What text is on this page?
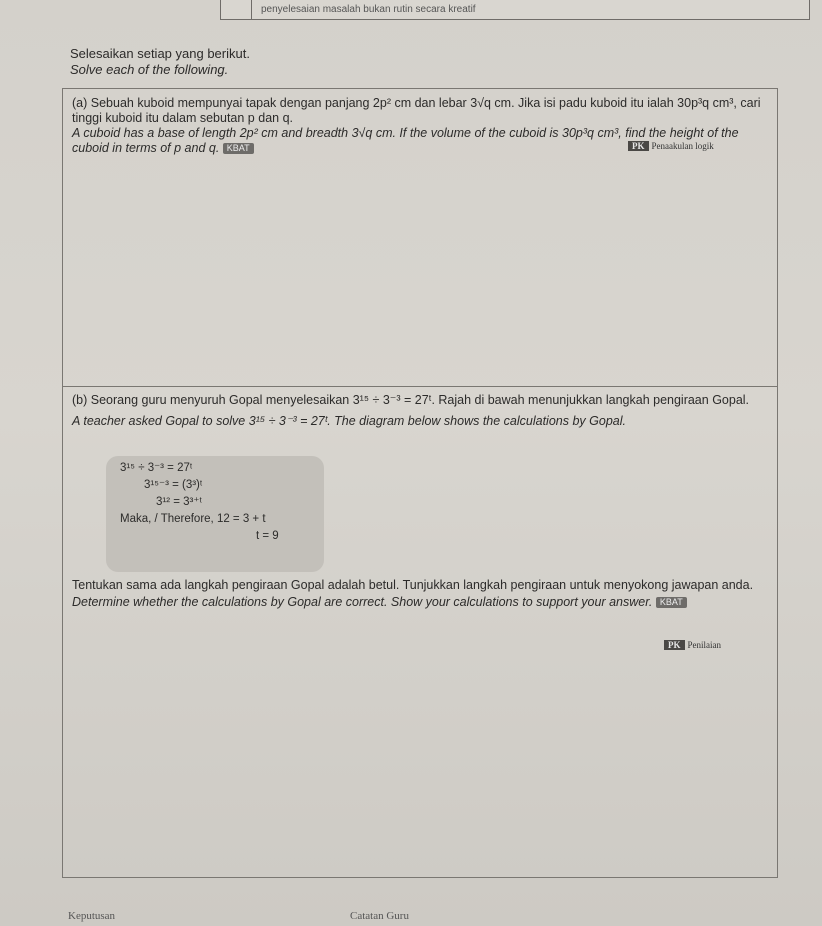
penyelesaian masalah bukan rutin secara kreatif
Selesaikan setiap yang berikut.
Solve each of the following.
(a) Sebuah kuboid mempunyai tapak dengan panjang 2p² cm dan lebar 3√q cm. Jika isi padu kuboid itu ialah 30p³q cm³, cari tinggi kuboid itu dalam sebutan p dan q.
A cuboid has a base of length 2p² cm and breadth 3√q cm. If the volume of the cuboid is 30p³q cm³, find the height of the cuboid in terms of p and q. KBAT	PK Penaakulan logik
(b) Seorang guru menyuruh Gopal menyelesaikan 3¹⁵ ÷ 3⁻³ = 27ᵗ. Rajah di bawah menunjukkan langkah pengiraan Gopal.
A teacher asked Gopal to solve 3¹⁵ ÷ 3⁻³ = 27ᵗ. The diagram below shows the calculations by Gopal.
3¹⁵ ÷ 3⁻³ = 27ᵗ
3¹⁵⁻³ = (3³)ᵗ
3¹² = 3³⁺ᵗ
Maka, / Therefore, 12 = 3 + t
t = 9
Tentukan sama ada langkah pengiraan Gopal adalah betul. Tunjukkan langkah pengiraan untuk menyokong jawapan anda.
Determine whether the calculations by Gopal are correct. Show your calculations to support your answer. KBAT
PK Penilaian
Keputusan	Catatan Guru
